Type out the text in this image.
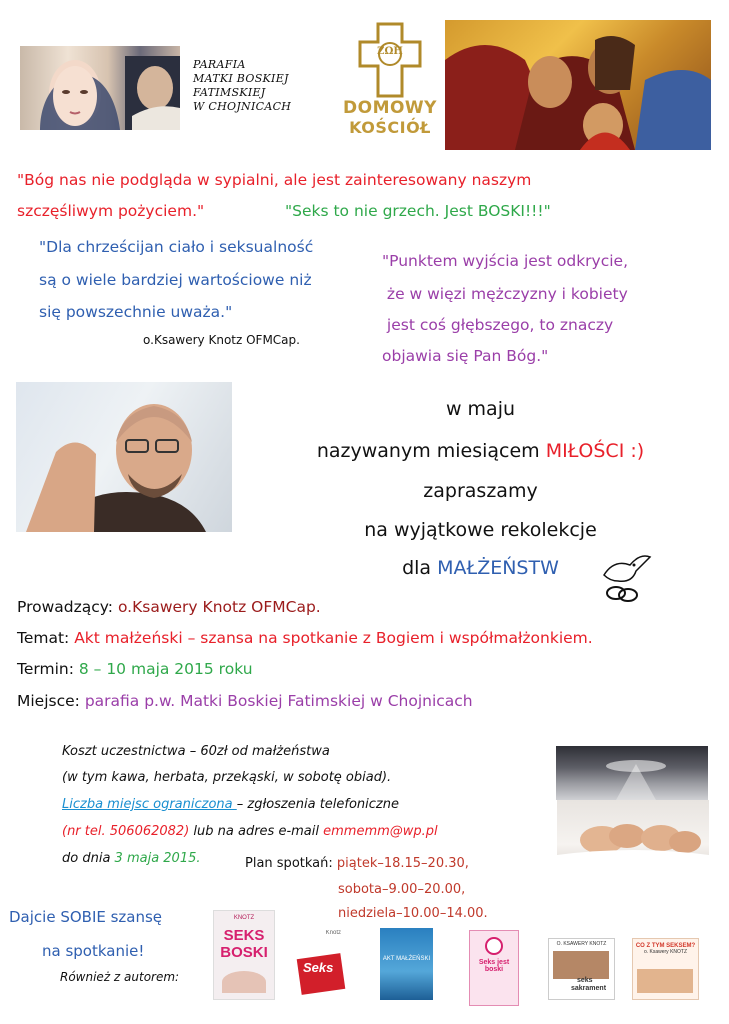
PARAFIA
MATKI BOSKIEJ
FATIMSKIEJ
W CHOJNICACH
ΖΩΗ
DOMOWY
KOŚCIÓŁ
"Bóg nas nie podgląda w sypialni, ale jest zainteresowany naszym
szczęśliwym pożyciem."	"Seks to nie grzech. Jest BOSKI!!!"
"Dla chrześcijan ciało i seksualność
są o wiele bardziej wartościowe niż
się powszechnie uważa."
o.Ksawery Knotz OFMCap.
"Punktem wyjścia jest odkrycie,
że w więzi mężczyzny i kobiety
jest coś głębszego, to znaczy
objawia się Pan Bóg."
w maju
nazywanym miesiącem MIŁOŚCI :)
zapraszamy
na wyjątkowe rekolekcje
dla MAŁŻEŃSTW
Prowadzący: o.Ksawery Knotz OFMCap.
Temat: Akt małżeński – szansa na spotkanie z Bogiem i współmałżonkiem.
Termin: 8 – 10 maja 2015 roku
Miejsce: parafia p.w. Matki Boskiej Fatimskiej w Chojnicach
Koszt uczestnictwa – 60zł od małżeństwa
(w tym kawa, herbata, przekąski, w sobotę obiad).
Liczba miejsc ograniczona – zgłoszenia telefoniczne
(nr tel. 506062082) lub na adres e-mail emmemm@wp.pl
do dnia 3 maja 2015.	Plan spotkań: piątek–18.15–20.30,
sobota–9.00–20.00,
niedziela–10.00–14.00.
Dajcie SOBIE szansę
na spotkanie!
Również z autorem:
KNOTZ
SEKS
BOSKI
Knotz
Seks
AKT MAŁŻEŃSKI	Seks jest boski
O. KSAWERY KNOTZ
seks
sakrament
CO Z TYM SEKSEM?
o. Ksawery KNOTZ
